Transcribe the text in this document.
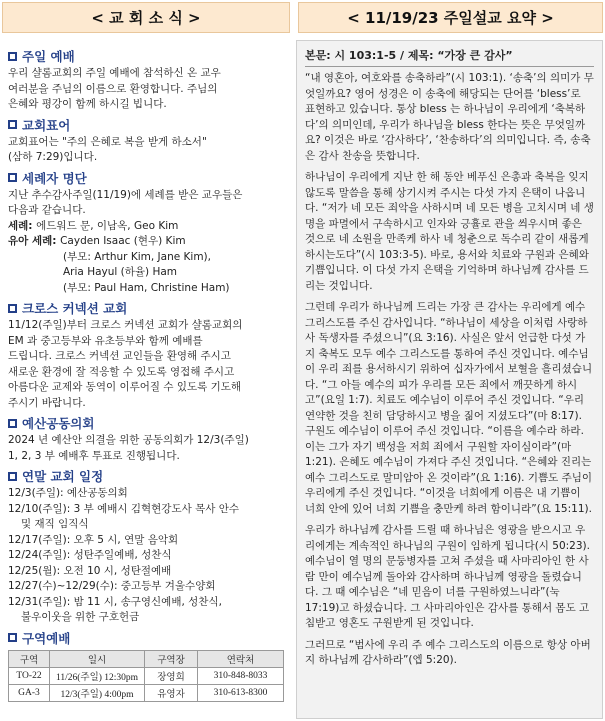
< 교 회 소 식 >	< 11/19/23 주일설교 요약 >
주일 예배
우리 샬롬교회의 주일 예배에 참석하신 온 교우
여러분을 주님의 이름으로 환영합니다. 주님의
은혜와 평강이 함께 하시길 빕니다.
교회표어
교회표어는 "주의 은혜로 복을 받게 하소서"
(삼하 7:29)입니다.
세례자 명단
지난 추수감사주일(11/19)에 세례를 받은 교우들은
다음과 같습니다.
세례: 에드워드 문, 이남옥, Geo Kim
유아 세례: Cayden Isaac (현우) Kim
(부모: Arthur Kim, Jane Kim),
Aria Hayul (하율) Ham
(부모: Paul Ham, Christine Ham)
크로스 커넥션 교회
11/12(주일)부터 크로스 커넥션 교회가 샬롬교회의
EM 과 중고등부와 유초등부와 함께 예배를
드립니다. 크로스 커넥션 교인들을 환영해 주시고
새로운 환경에 잘 적응할 수 있도록 영접해 주시고
아름다운 교제와 동역이 이루어질 수 있도록 기도해
주시기 바랍니다.
예산공동의회
2024 년 예산안 의결을 위한 공동의회가 12/3(주일)
1, 2, 3 부 예배후 투표로 진행됩니다.
연말 교회 일정
12/3(주일): 예산공동의회
12/10(주일): 3 부 예배시 김혁현강도사 목사 안수
및 재직 임직식
12/17(주일): 오후 5 시, 연말 음악회
12/24(주일): 성탄주일예배, 성찬식
12/25(월): 오전 10 시, 성탄절예배
12/27(수)~12/29(수): 중고등부 겨울수양회
12/31(주일): 밤 11 시, 송구영신예배, 성찬식,
불우이웃을 위한 구호헌금
구역예배
구역	일시	구역장	연락처
TO-22	11/26(주일) 12:30pm	장영희	310-848-8033
GA-3	12/3(주일) 4:00pm	유영자	310-613-8300
본문: 시 103:1-5 / 제목: “가장 큰 감사”

“내 영혼아, 여호와를 송축하라”(시 103:1). ‘송축’의 의미가 무엇일까요? 영어 성경은 이 송축에 해당되는 단어를 ‘bless’로 표현하고 있습니다. 통상 bless 는 하나님이 우리에게 ‘축복하다’의 의미인데, 우리가 하나님을 bless 한다는 뜻은 무엇일까요? 이것은 바로 ‘감사하다’, ‘찬송하다’의 의미입니다. 즉, 송축은 감사 찬송을 뜻합니다.

하나님이 우리에게 지난 한 해 동안 베푸신 은총과 축복을 잊지 않도록 말씀을 통해 상기시켜 주시는 다섯 가지 은택이 나옵니다. “저가 네 모든 죄악을 사하시며 네 모든 병을 고치시며 네 생명을 파멸에서 구속하시고 인자와 긍휼로 관을 씌우시며 좋은 것으로 네 소원을 만족케 하사 네 청춘으로 독수리 같이 새롭게 하시는도다”(시 103:3-5). 바로, 용서와 치료와 구원과 은혜와 기쁨입니다. 이 다섯 가지 은택을 기억하며 하나님께 감사를 드리는 것입니다.

그런데 우리가 하나님께 드리는 가장 큰 감사는 우리에게 예수 그리스도를 주신 감사입니다. “하나님이 세상을 이처럼 사랑하사 독생자를 주셨으니”(요 3:16). 사실은 앞서 언급한 다섯 가지 축복도 모두 예수 그리스도를 통하여 주신 것입니다. 예수님이 우리 죄를 용서하시기 위하여 십자가에서 보혈을 흘리셨습니다. “그 아들 예수의 피가 우리를 모든 죄에서 깨끗하게 하시고”(요일 1:7). 치료도 예수님이 이루어 주신 것입니다. “우리 연약한 것을 친히 담당하시고 병을 짊어 지셨도다”(마 8:17). 구원도 예수님이 이루어 주신 것입니다. “이름을 예수라 하라. 이는 그가 자기 백성을 저희 죄에서 구원할 자이심이라”(마 1:21). 은혜도 예수님이 가져다 주신 것입니다. “은혜와 진리는 예수 그리스도로 말미암아 온 것이라”(요 1:16). 기쁨도 주님이 우리에게 주신 것입니다. “이것을 너희에게 이름은 내 기쁨이 너희 안에 있어 너희 기쁨을 충만케 하려 함이니라”(요 15:11).

우리가 하나님께 감사를 드릴 때 하나님은 영광을 받으시고 우리에게는 계속적인 하나님의 구원이 임하게 됩니다(시 50:23). 예수님이 열 명의 문둥병자를 고쳐 주셨을 때 사마리아인 한 사람 만이 예수님께 돌아와 감사하며 하나님께 영광을 돌렸습니다. 그 때 예수님은 “네 믿음이 너를 구원하였느니라”(눅 17:19)고 하셨습니다. 그 사마리아인은 감사를 통해서 몸도 고침받고 영혼도 구원받게 된 것입니다.

그러므로 “범사에 우리 주 예수 그리스도의 이름으로 항상 아버지 하나님께 감사하라”(엡 5:20).
